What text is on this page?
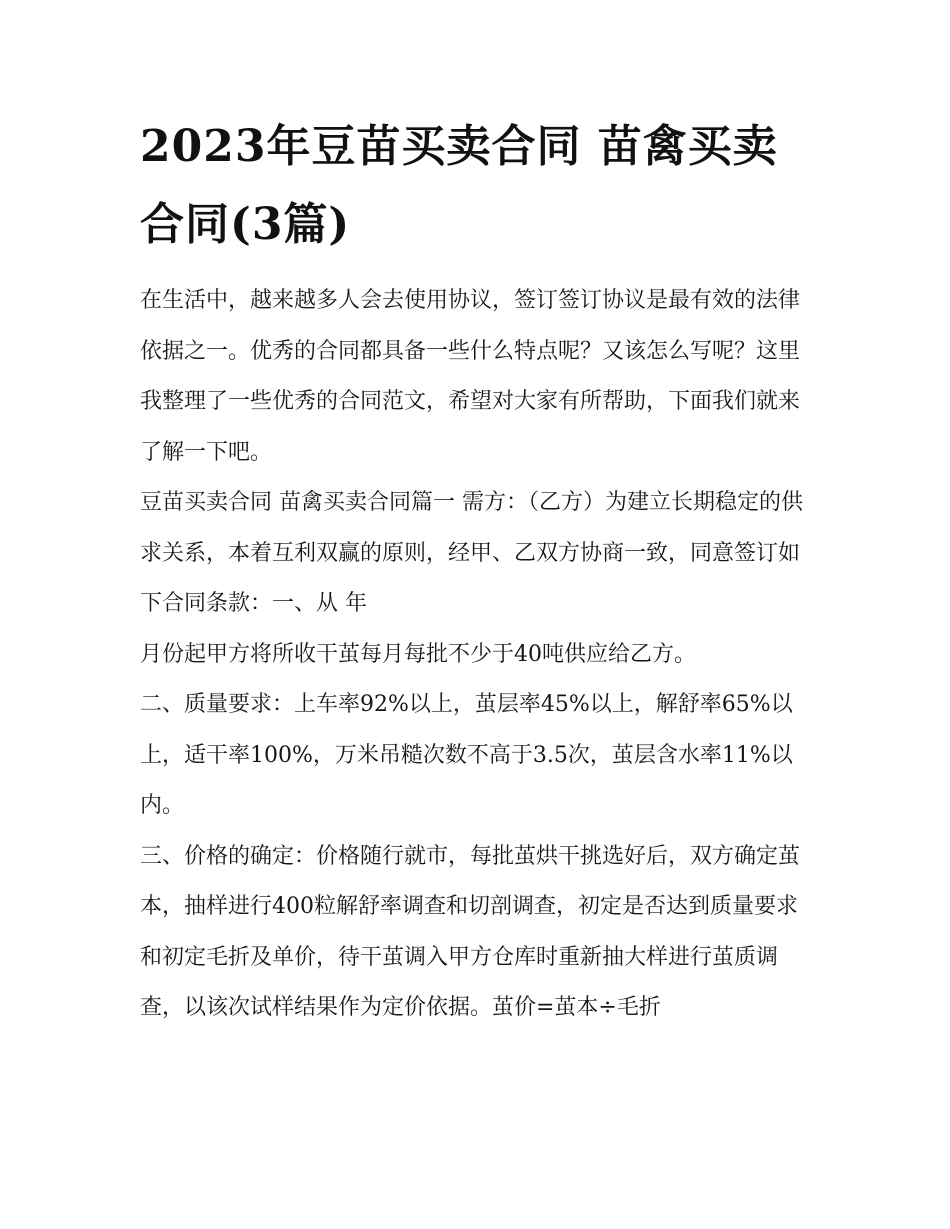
2023年豆苗买卖合同 苗禽买卖合同(3篇)

在生活中，越来越多人会去使用协议，签订签订协议是最有效的法律依据之一。优秀的合同都具备一些什么特点呢？又该怎么写呢？这里我整理了一些优秀的合同范文，希望对大家有所帮助，下面我们就来了解一下吧。

豆苗买卖合同 苗禽买卖合同篇一 需方：（乙方）为建立长期稳定的供求关系，本着互利双赢的原则，经甲、乙双方协商一致，同意签订如下合同条款：一、从 年

月份起甲方将所收干茧每月每批不少于40吨供应给乙方。

二、质量要求：上车率92%以上，茧层率45%以上，解舒率65%以上，适干率100%，万米吊糙次数不高于3.5次，茧层含水率11%以内。

三、价格的确定：价格随行就市，每批茧烘干挑选好后，双方确定茧本，抽样进行400粒解舒率调查和切剖调查，初定是否达到质量要求和初定毛折及单价，待干茧调入甲方仓库时重新抽大样进行茧质调查，以该次试样结果作为定价依据。茧价=茧本÷毛折
